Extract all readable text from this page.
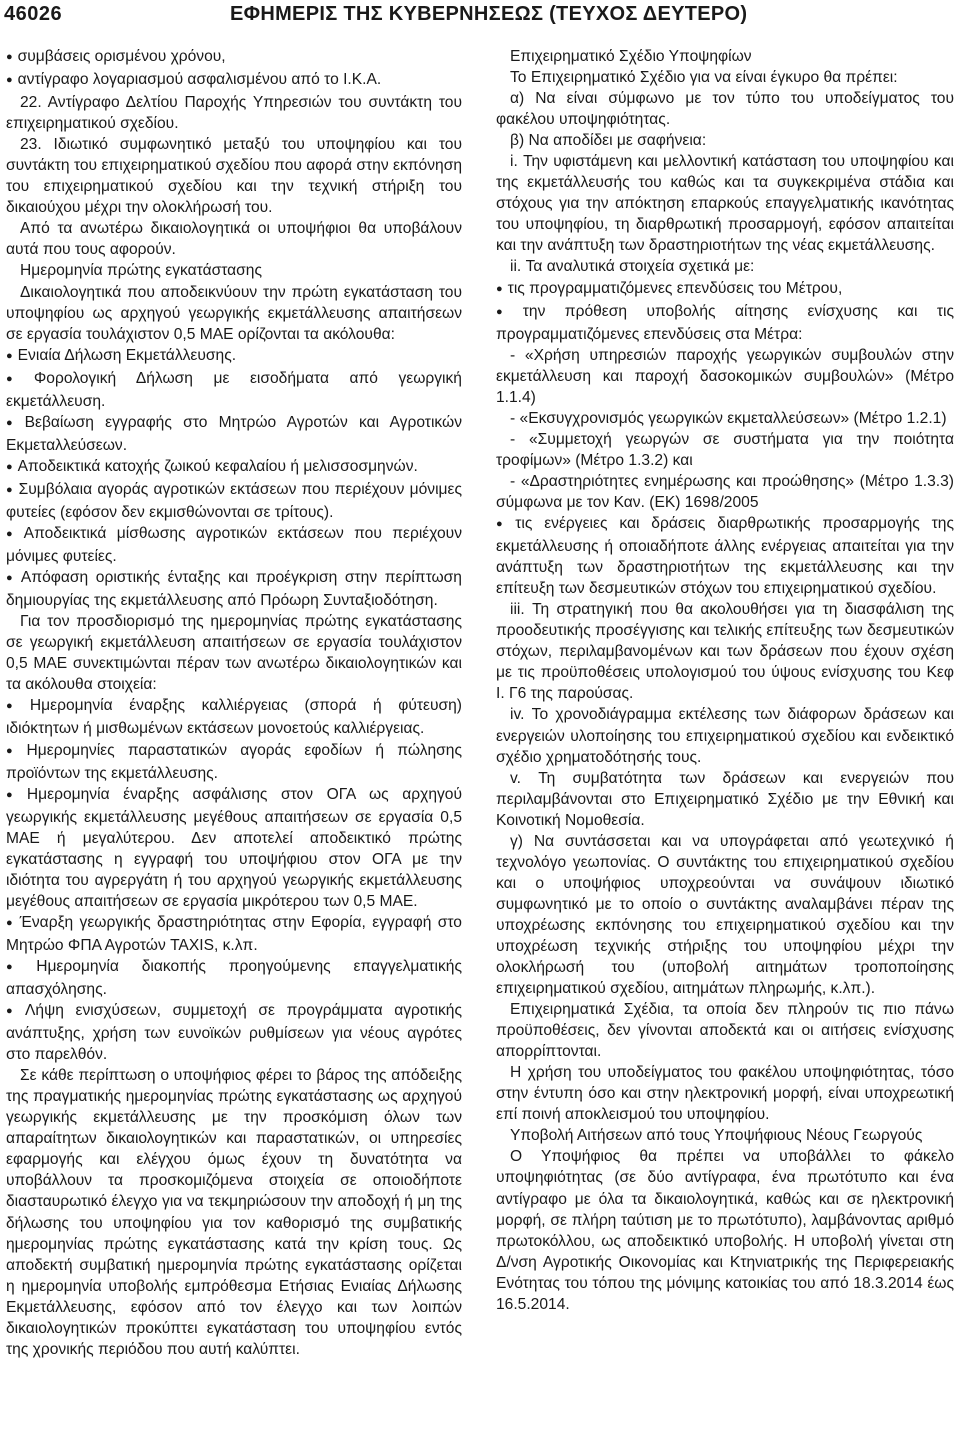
46026	ΕΦΗΜΕΡΙΣ ΤΗΣ ΚΥΒΕΡΝΗΣΕΩΣ (ΤΕΥΧΟΣ ΔΕΥΤΕΡΟ)

● συμβάσεις ορισμένου χρόνου,

● αντίγραφο λογαριασμού ασφαλισμένου από το Ι.Κ.Α.

22. Αντίγραφο Δελτίου Παροχής Υπηρεσιών του συντάκτη του επιχειρηματικού σχεδίου.

23. Ιδιωτικό συμφωνητικό μεταξύ του υποψηφίου και του συντάκτη του επιχειρηματικού σχεδίου που αφορά στην εκπόνηση του επιχειρηματικού σχεδίου και την τεχνική στήριξη του δικαιούχου μέχρι την ολοκλήρωσή του.

Από τα ανωτέρω δικαιολογητικά οι υποψήφιοι θα υποβάλουν αυτά που τους αφορούν.

Ημερομηνία πρώτης εγκατάστασης

Δικαιολογητικά που αποδεικνύουν την πρώτη εγκατάσταση του υποψηφίου ως αρχηγού γεωργικής εκμετάλλευσης απαιτήσεων σε εργασία τουλάχιστον 0,5 ΜΑΕ ορίζονται τα ακόλουθα:

● Ενιαία Δήλωση Εκμετάλλευσης.

● Φορολογική Δήλωση με εισοδήματα από γεωργική εκμετάλλευση.

● Βεβαίωση εγγραφής στο Μητρώο Αγροτών και Αγροτικών Εκμεταλλεύσεων.

● Αποδεικτικά κατοχής ζωικού κεφαλαίου ή μελισσοσμηνών.

● Συμβόλαια αγοράς αγροτικών εκτάσεων που περιέχουν μόνιμες φυτείες (εφόσον δεν εκμισθώνονται σε τρίτους).

● Αποδεικτικά μίσθωσης αγροτικών εκτάσεων που περιέχουν μόνιμες φυτείες.

● Απόφαση οριστικής ένταξης και προέγκριση στην περίπτωση δημιουργίας της εκμετάλλευσης από Πρόωρη Συνταξιοδότηση.

Για τον προσδιορισμό της ημερομηνίας πρώτης εγκατάστασης σε γεωργική εκμετάλλευση απαιτήσεων σε εργασία τουλάχιστον 0,5 ΜΑΕ συνεκτιμώνται πέραν των ανωτέρω δικαιολογητικών και τα ακόλουθα στοιχεία:

● Ημερομηνία έναρξης καλλιέργειας (σπορά ή φύτευση) ιδιόκτητων ή μισθωμένων εκτάσεων μονοετούς καλλιέργειας.

● Ημερομηνίες παραστατικών αγοράς εφοδίων ή πώλησης προϊόντων της εκμετάλλευσης.

● Ημερομηνία έναρξης ασφάλισης στον ΟΓΑ ως αρχηγού γεωργικής εκμετάλλευσης μεγέθους απαιτήσεων σε εργασία 0,5 ΜΑΕ ή μεγαλύτερου. Δεν αποτελεί αποδεικτικό πρώτης εγκατάστασης η εγγραφή του υποψήφιου στον ΟΓΑ με την ιδιότητα του αγρεργάτη ή του αρχηγού γεωργικής εκμετάλλευσης μεγέθους απαιτήσεων σε εργασία μικρότερου των 0,5 ΜΑΕ.

● Έναρξη γεωργικής δραστηριότητας στην Εφορία, εγγραφή στο Μητρώο ΦΠΑ Αγροτών TAXIS, κ.λπ.

● Ημερομηνία διακοπής προηγούμενης επαγγελματικής απασχόλησης.

● Λήψη ενισχύσεων, συμμετοχή σε προγράμματα αγροτικής ανάπτυξης, χρήση των ευνοϊκών ρυθμίσεων για νέους αγρότες στο παρελθόν.

Σε κάθε περίπτωση ο υποψήφιος φέρει το βάρος της απόδειξης της πραγματικής ημερομηνίας πρώτης εγκατάστασης ως αρχηγού γεωργικής εκμετάλλευσης με την προσκόμιση όλων των απαραίτητων δικαιολογητικών και παραστατικών, οι υπηρεσίες εφαρμογής και ελέγχου όμως έχουν τη δυνατότητα να υποβάλλουν τα προσκομιζόμενα στοιχεία σε οποιοδήποτε διασταυρωτικό έλεγχο για να τεκμηριώσουν την αποδοχή ή μη της δήλωσης του υποψηφίου για τον καθορισμό της συμβατικής ημερομηνίας πρώτης εγκατάστασης κατά την κρίση τους. Ως αποδεκτή συμβατική ημερομηνία πρώτης εγκατάστασης ορίζεται η ημερομηνία υποβολής εμπρόθεσμα Ετήσιας Ενιαίας Δήλωσης Εκμετάλλευσης, εφόσον από τον έλεγχο και των λοιπών δικαιολογητικών προκύπτει εγκατάσταση του υποψηφίου εντός της χρονικής περιόδου που αυτή καλύπτει.

Επιχειρηματικό Σχέδιο Υποψηφίων

Το Επιχειρηματικό Σχέδιο για να είναι έγκυρο θα πρέπει:

α) Να είναι σύμφωνο με τον τύπο του υποδείγματος του φακέλου υποψηφιότητας.

β) Να αποδίδει με σαφήνεια:

i. Την υφιστάμενη και μελλοντική κατάσταση του υποψηφίου και της εκμετάλλευσής του καθώς και τα συγκεκριμένα στάδια και στόχους για την απόκτηση επαρκούς επαγγελματικής ικανότητας του υποψηφίου, τη διαρθρωτική προσαρμογή, εφόσον απαιτείται και την ανάπτυξη των δραστηριοτήτων της νέας εκμετάλλευσης.

ii. Τα αναλυτικά στοιχεία σχετικά με:

● τις προγραμματιζόμενες επενδύσεις του Μέτρου,

● την πρόθεση υποβολής αίτησης ενίσχυσης και τις προγραμματιζόμενες επενδύσεις στα Μέτρα:

- «Χρήση υπηρεσιών παροχής γεωργικών συμβουλών στην εκμετάλλευση και παροχή δασοκομικών συμβουλών» (Μέτρο 1.1.4)

- «Εκσυγχρονισμός γεωργικών εκμεταλλεύσεων» (Μέτρο 1.2.1)

- «Συμμετοχή γεωργών σε συστήματα για την ποιότητα τροφίμων» (Μέτρο 1.3.2) και

- «Δραστηριότητες ενημέρωσης και προώθησης» (Μέτρο 1.3.3) σύμφωνα με τον Καν. (ΕΚ) 1698/2005

● τις ενέργειες και δράσεις διαρθρωτικής προσαρμογής της εκμετάλλευσης ή οποιαδήποτε άλλης ενέργειας απαιτείται για την ανάπτυξη των δραστηριοτήτων της εκμετάλλευσης και την επίτευξη των δεσμευτικών στόχων του επιχειρηματικού σχεδίου.

iii. Τη στρατηγική που θα ακολουθήσει για τη διασφάλιση της προοδευτικής προσέγγισης και τελικής επίτευξης των δεσμευτικών στόχων, περιλαμβανομένων και των δράσεων που έχουν σχέση με τις προϋποθέσεις υπολογισμού του ύψους ενίσχυσης του Κεφ Ι. Γ6 της παρούσας.

iv. Το χρονοδιάγραμμα εκτέλεσης των διάφορων δράσεων και ενεργειών υλοποίησης του επιχειρηματικού σχεδίου και ενδεικτικό σχέδιο χρηματοδότησής τους.

v. Τη συμβατότητα των δράσεων και ενεργειών που περιλαμβάνονται στο Επιχειρηματικό Σχέδιο με την Εθνική και Κοινοτική Νομοθεσία.

γ) Να συντάσσεται και να υπογράφεται από γεωτεχνικό ή τεχνολόγο γεωπονίας. Ο συντάκτης του επιχειρηματικού σχεδίου και ο υποψήφιος υποχρεούνται να συνάψουν ιδιωτικό συμφωνητικό με το οποίο ο συντάκτης αναλαμβάνει πέραν της υποχρέωσης εκπόνησης του επιχειρηματικού σχεδίου και την υποχρέωση τεχνικής στήριξης του υποψηφίου μέχρι την ολοκλήρωσή του (υποβολή αιτημάτων τροποποίησης επιχειρηματικού σχεδίου, αιτημάτων πληρωμής, κ.λπ.).

Επιχειρηματικά Σχέδια, τα οποία δεν πληρούν τις πιο πάνω προϋποθέσεις, δεν γίνονται αποδεκτά και οι αιτήσεις ενίσχυσης απορρίπτονται.

Η χρήση του υποδείγματος του φακέλου υποψηφιότητας, τόσο στην έντυπη όσο και στην ηλεκτρονική μορφή, είναι υποχρεωτική επί ποινή αποκλεισμού του υποψηφίου.

Υποβολή Αιτήσεων από τους Υποψήφιους Νέους Γεωργούς

Ο Υποψήφιος θα πρέπει να υποβάλλει το φάκελο υποψηφιότητας (σε δύο αντίγραφα, ένα πρωτότυπο και ένα αντίγραφο με όλα τα δικαιολογητικά, καθώς και σε ηλεκτρονική μορφή, σε πλήρη ταύτιση με το πρωτότυπο), λαμβάνοντας αριθμό πρωτοκόλλου, ως αποδεικτικό υποβολής. Η υποβολή γίνεται στη Δ/νση Αγροτικής Οικονομίας και Κτηνιατρικής της Περιφερειακής Ενότητας του τόπου της μόνιμης κατοικίας του από 18.3.2014 έως 16.5.2014.
